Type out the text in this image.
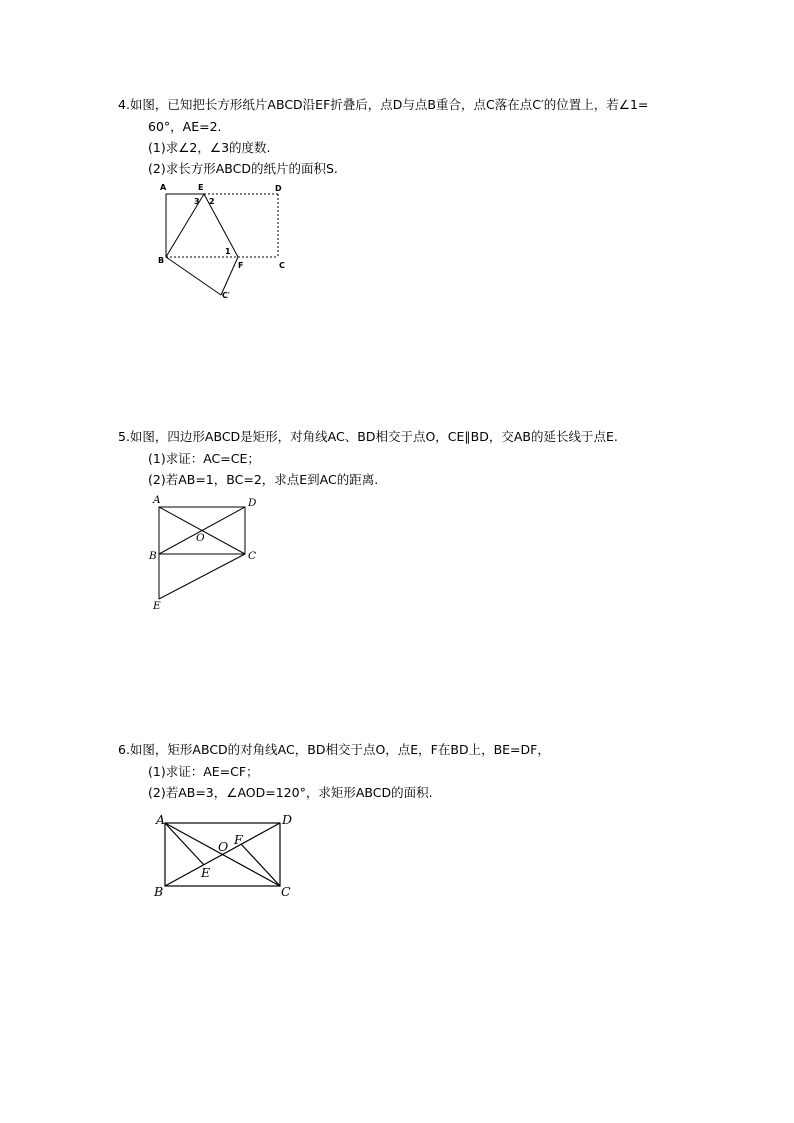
4.如图，已知把长方形纸片ABCD沿EF折叠后，点D与点B重合，点C落在点C′的位置上，若∠1=
60°，AE=2.
(1)求∠2，∠3的度数.
(2)求长方形ABCD的纸片的面积S.
A	E	D
3 2
1
B
F	C
C′
5.如图，四边形ABCD是矩形，对角线AC、BD相交于点O，CE∥BD，交AB的延长线于点E.
(1)求证：AC=CE；
(2)若AB=1，BC=2，求点E到AC的距离.
A	D
O
B	C
E
6.如图，矩形ABCD的对角线AC，BD相交于点O，点E，F在BD上，BE=DF，
(1)求证：AE=CF；
(2)若AB=3，∠AOD=120°，求矩形ABCD的面积.
A	D
O F
E
B	C
